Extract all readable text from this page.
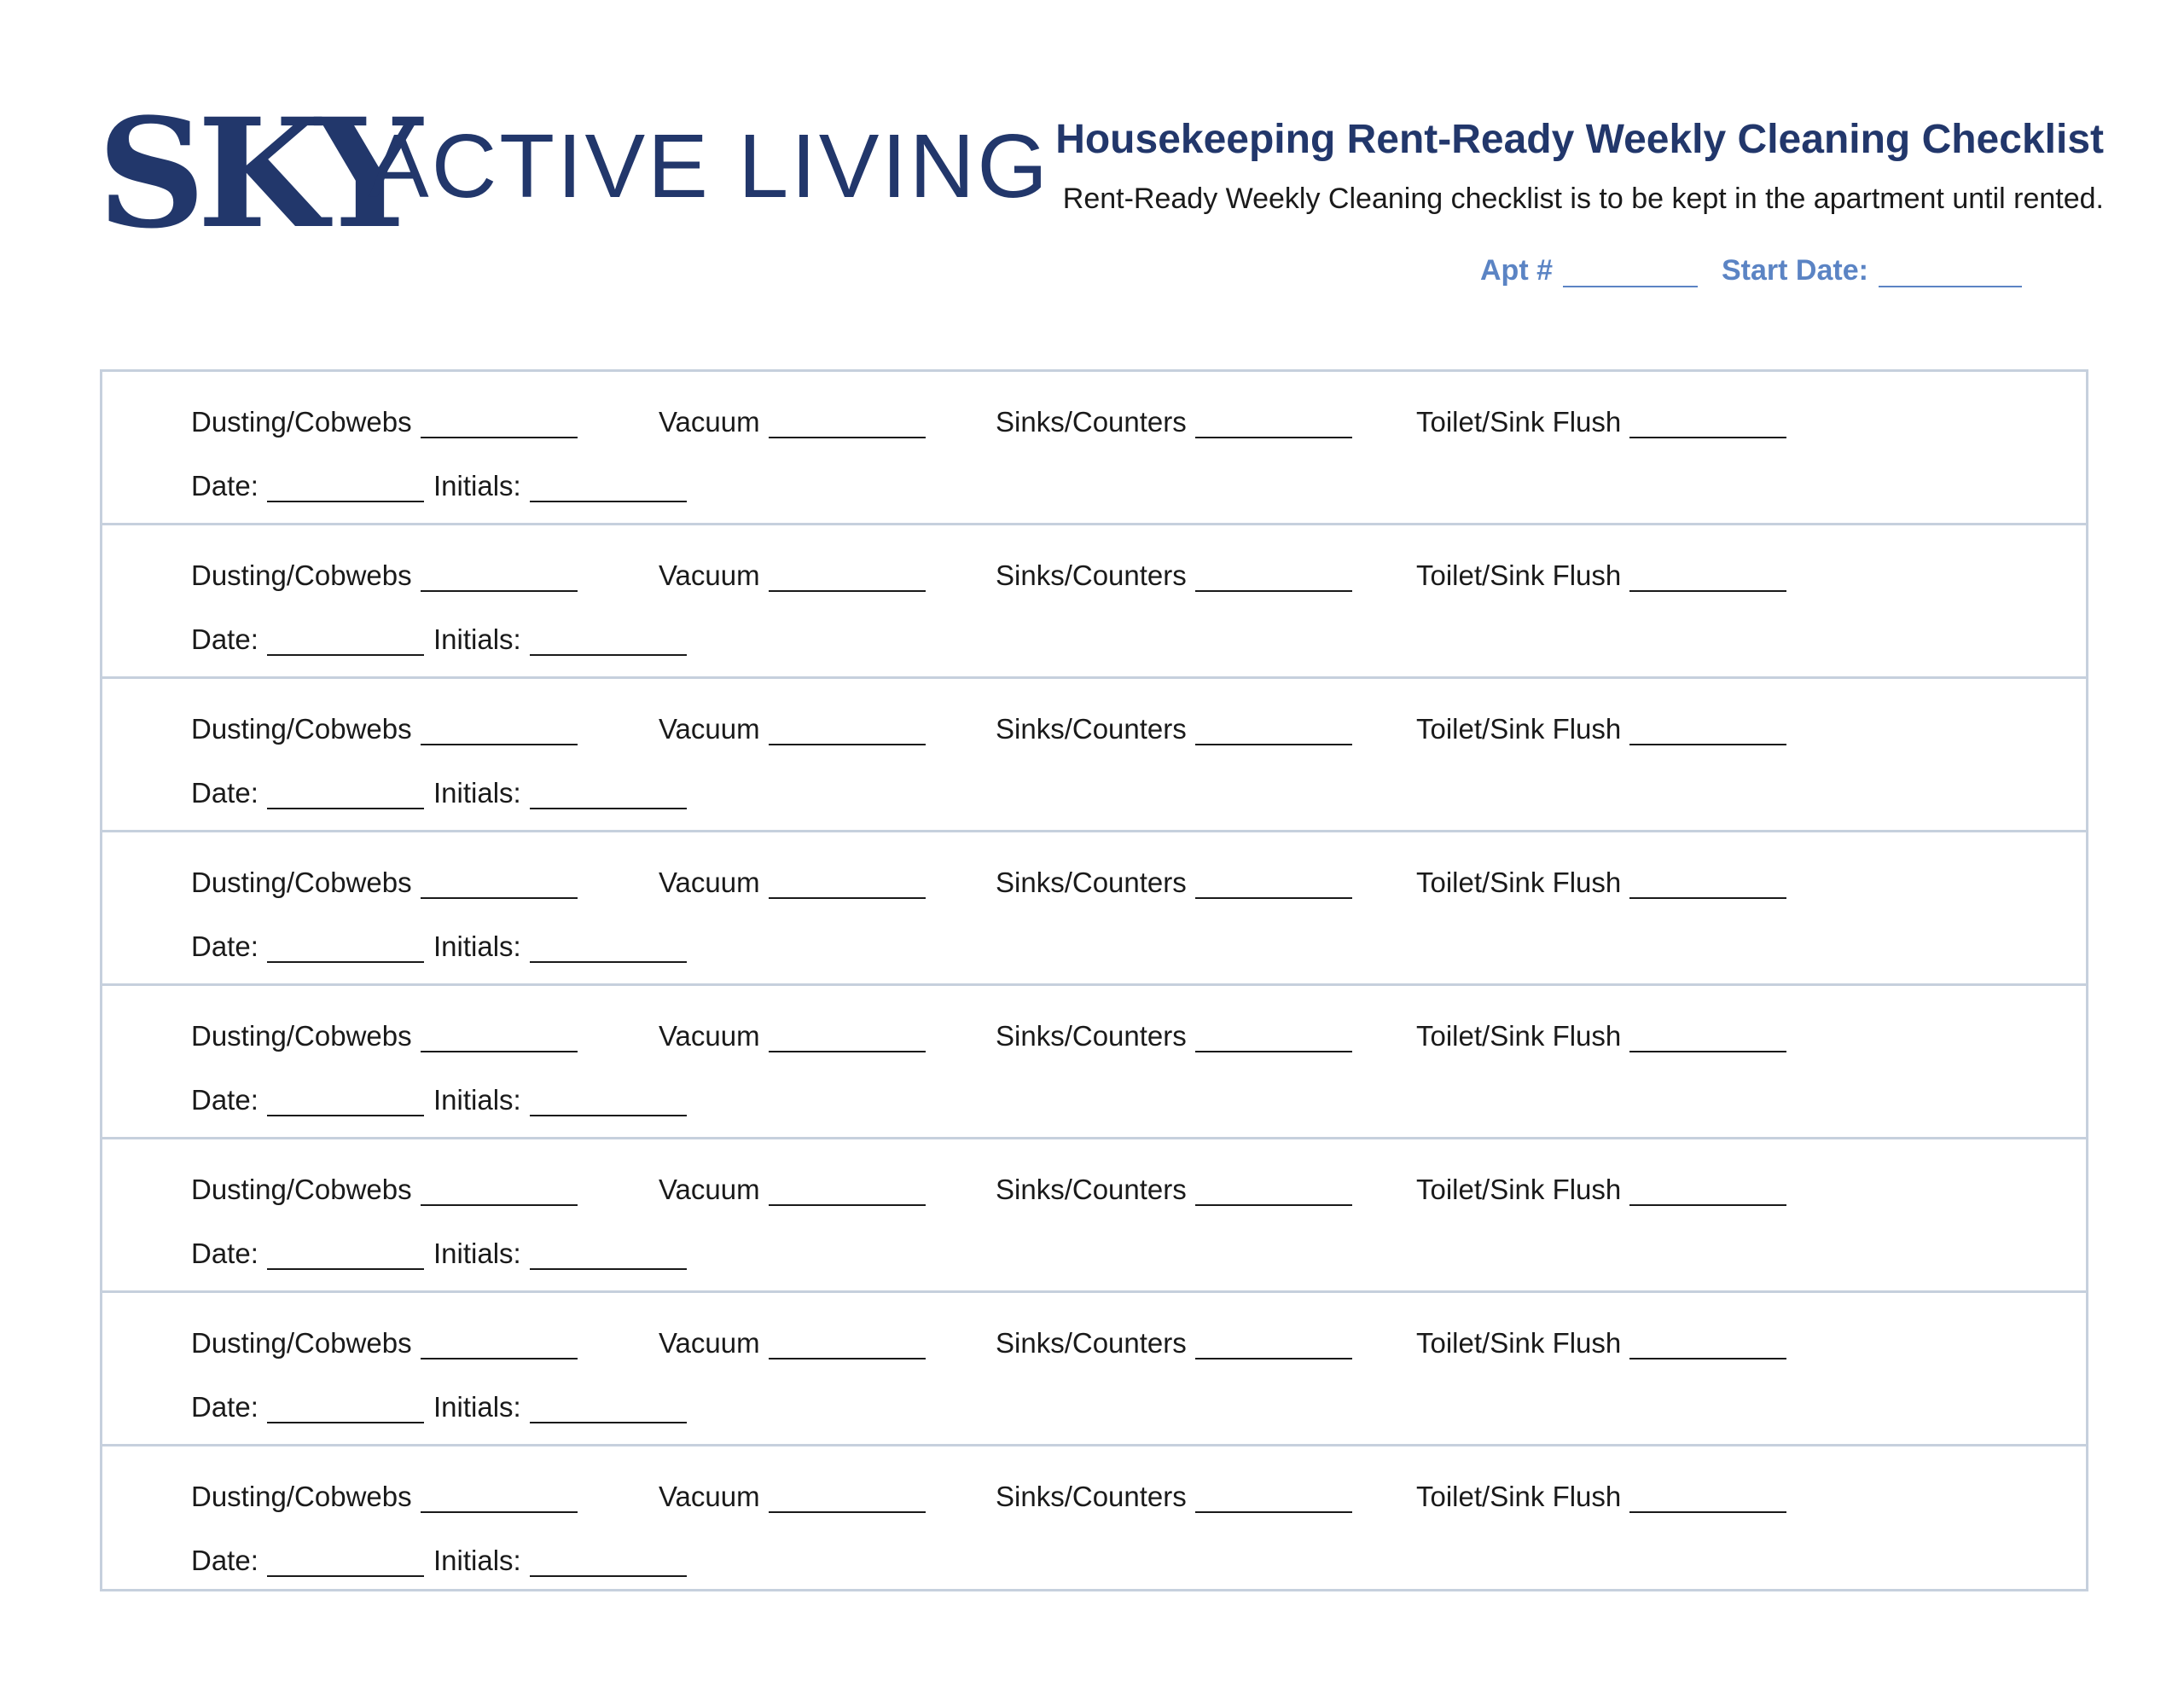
SKY
ACTIVE LIVING Housekeeping Rent-Ready Weekly Cleaning Checklist
Rent-Ready Weekly Cleaning checklist is to be kept in the apartment until rented.
Apt #	Start Date:
Dusting/Cobwebs	Vacuum	Sinks/Counters	Toilet/Sink Flush
Date:	Initials:
Dusting/Cobwebs	Vacuum	Sinks/Counters	Toilet/Sink Flush
Date:	Initials:
Dusting/Cobwebs	Vacuum	Sinks/Counters	Toilet/Sink Flush
Date:	Initials:
Dusting/Cobwebs	Vacuum	Sinks/Counters	Toilet/Sink Flush
Date:	Initials:
Dusting/Cobwebs	Vacuum	Sinks/Counters	Toilet/Sink Flush
Date:	Initials:
Dusting/Cobwebs	Vacuum	Sinks/Counters	Toilet/Sink Flush
Date:	Initials:
Dusting/Cobwebs	Vacuum	Sinks/Counters	Toilet/Sink Flush
Date:	Initials:
Dusting/Cobwebs	Vacuum	Sinks/Counters	Toilet/Sink Flush
Date:	Initials:
